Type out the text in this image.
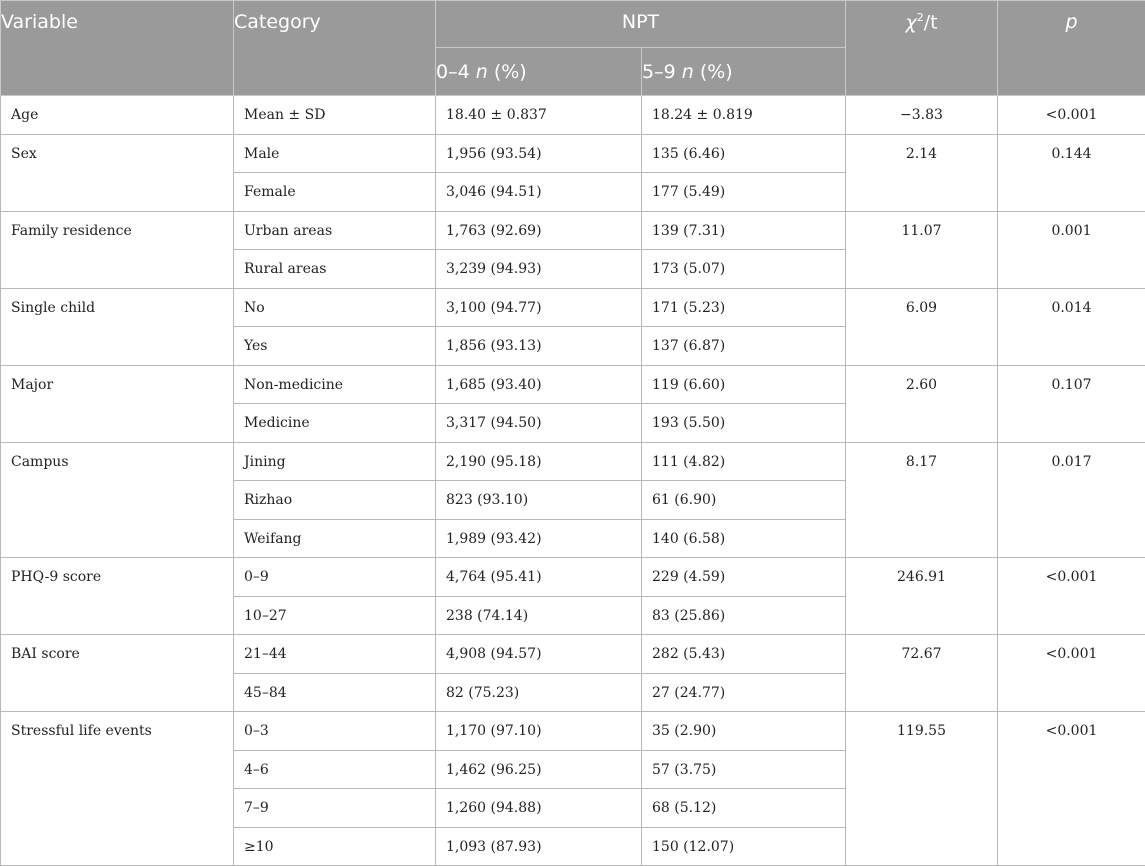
Variable	Category	NPT		$\chi^2/t$	p
		0–4 n (%)	5–9 n (%)		
Age	Mean ± SD	18.40 ± 0.837	18.24 ± 0.819	−3.83	<0.001
Sex	Male	1,956 (93.54)	135 (6.46)	2.14	0.144
	Female	3,046 (94.51)	177 (5.49)		
Family residence	Urban areas	1,763 (92.69)	139 (7.31)	11.07	0.001
	Rural areas	3,239 (94.93)	173 (5.07)		
Single child	No	3,100 (94.77)	171 (5.23)	6.09	0.014
	Yes	1,856 (93.13)	137 (6.87)		
Major	Non-medicine	1,685 (93.40)	119 (6.60)	2.60	0.107
	Medicine	3,317 (94.50)	193 (5.50)		
Campus	Jining	2,190 (95.18)	111 (4.82)	8.17	0.017
	Rizhao	823 (93.10)	61 (6.90)		
	Weifang	1,989 (93.42)	140 (6.58)		
PHQ-9 score	0–9	4,764 (95.41)	229 (4.59)	246.91	<0.001
	10–27	238 (74.14)	83 (25.86)		
BAI score	21–44	4,908 (94.57)	282 (5.43)	72.67	<0.001
	45–84	82 (75.23)	27 (24.77)		
Stressful life events	0–3	1,170 (97.10)	35 (2.90)	119.55	<0.001
	4–6	1,462 (96.25)	57 (3.75)		
	7–9	1,260 (94.88)	68 (5.12)		
	≥10	1,093 (87.93)	150 (12.07)		
